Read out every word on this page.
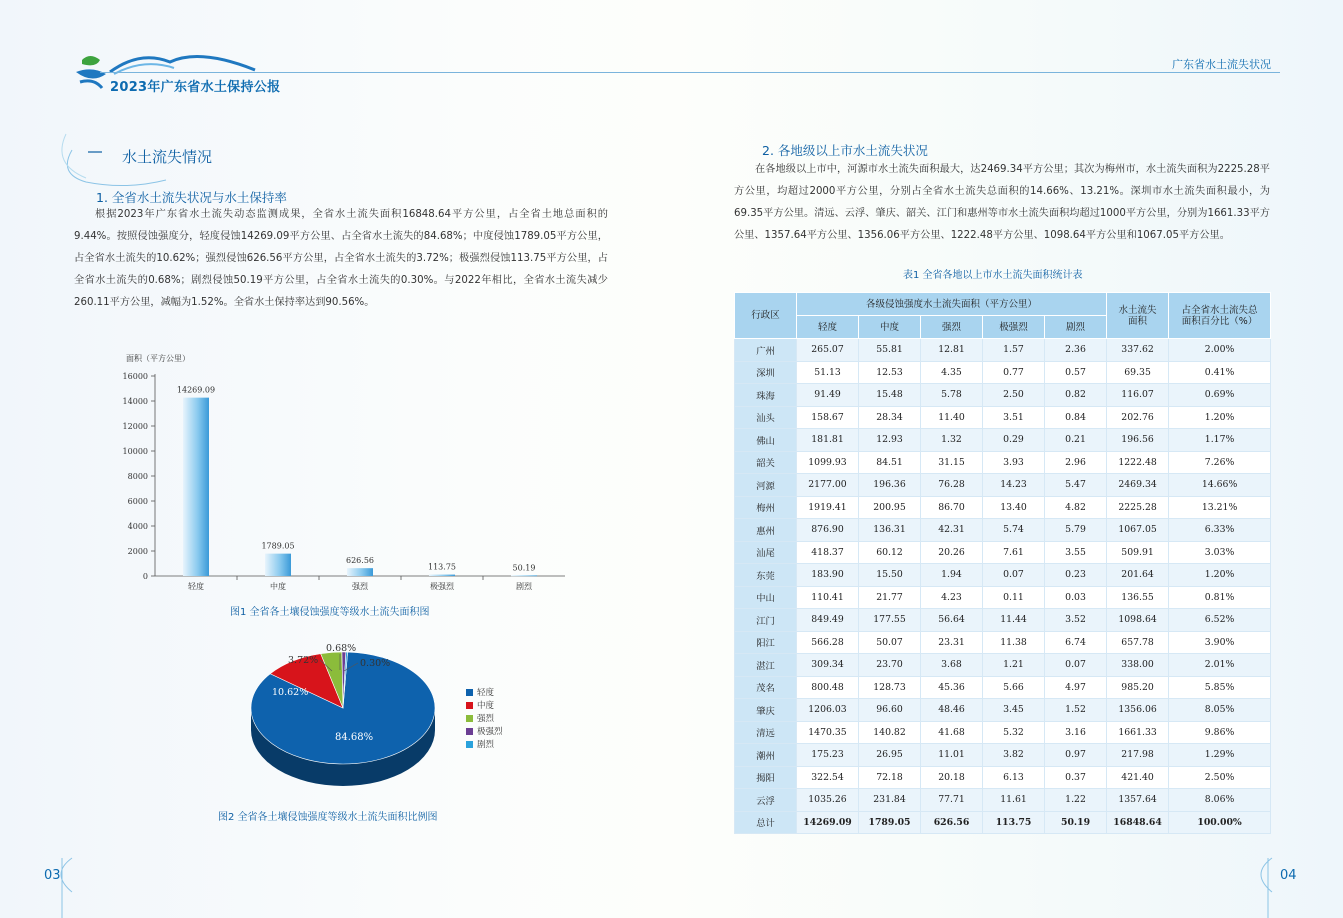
2023年广东省水土保持公报
广东省水土流失状况
水土流失情况
1. 全省水土流失状况与水土保持率
根据2023年广东省水土流失动态监测成果，全省水土流失面积16848.64平方公里，占全省土地总面积的9.44%。按照侵蚀强度分，轻度侵蚀14269.09平方公里、占全省水土流失的84.68%；中度侵蚀1789.05平方公里，占全省水土流失的10.62%；强烈侵蚀626.56平方公里，占全省水土流失的3.72%；极强烈侵蚀113.75平方公里，占全省水土流失的0.68%；剧烈侵蚀50.19平方公里，占全省水土流失的0.30%。与2022年相比，全省水土流失减少260.11平方公里，减幅为1.52%。全省水土保持率达到90.56%。
面积（平方公里）
0
2000
4000
6000
8000
10000
12000
14000
16000
14269.09
轻度
1789.05
中度
626.56
强烈
113.75
极强烈
50.19
剧烈
图1 全省各土壤侵蚀强度等级水土流失面积图
84.68%
10.62%
3.72%
0.68%
0.30%
轻度
中度
强烈
极强烈
剧烈
图2 全省各土壤侵蚀强度等级水土流失面积比例图
2. 各地级以上市水土流失状况
在各地级以上市中，河源市水土流失面积最大，达2469.34平方公里；其次为梅州市，水土流失面积为2225.28平方公里，均超过2000平方公里，分别占全省水土流失总面积的14.66%、13.21%。深圳市水土流失面积最小，为69.35平方公里。清远、云浮、肇庆、韶关、江门和惠州等市水土流失面积均超过1000平方公里，分别为1661.33平方公里、1357.64平方公里、1356.06平方公里、1222.48平方公里、1098.64平方公里和1067.05平方公里。
表1 全省各地以上市水土流失面积统计表
行政区	各级侵蚀强度水土流失面积（平方公里）					水土流失面积	占全省水土流失总面积百分比（%）
	轻度	中度	强烈	极强烈	剧烈		
广州	265.07	55.81	12.81	1.57	2.36	337.62	2.00%
深圳	51.13	12.53	4.35	0.77	0.57	69.35	0.41%
珠海	91.49	15.48	5.78	2.50	0.82	116.07	0.69%
汕头	158.67	28.34	11.40	3.51	0.84	202.76	1.20%
佛山	181.81	12.93	1.32	0.29	0.21	196.56	1.17%
韶关	1099.93	84.51	31.15	3.93	2.96	1222.48	7.26%
河源	2177.00	196.36	76.28	14.23	5.47	2469.34	14.66%
梅州	1919.41	200.95	86.70	13.40	4.82	2225.28	13.21%
惠州	876.90	136.31	42.31	5.74	5.79	1067.05	6.33%
汕尾	418.37	60.12	20.26	7.61	3.55	509.91	3.03%
东莞	183.90	15.50	1.94	0.07	0.23	201.64	1.20%
中山	110.41	21.77	4.23	0.11	0.03	136.55	0.81%
江门	849.49	177.55	56.64	11.44	3.52	1098.64	6.52%
阳江	566.28	50.07	23.31	11.38	6.74	657.78	3.90%
湛江	309.34	23.70	3.68	1.21	0.07	338.00	2.01%
茂名	800.48	128.73	45.36	5.66	4.97	985.20	5.85%
肇庆	1206.03	96.60	48.46	3.45	1.52	1356.06	8.05%
清远	1470.35	140.82	41.68	5.32	3.16	1661.33	9.86%
潮州	175.23	26.95	11.01	3.82	0.97	217.98	1.29%
揭阳	322.54	72.18	20.18	6.13	0.37	421.40	2.50%
云浮	1035.26	231.84	77.71	11.61	1.22	1357.64	8.06%
总计	14269.09	1789.05	626.56	113.75	50.19	16848.64	100.00%
03	04
